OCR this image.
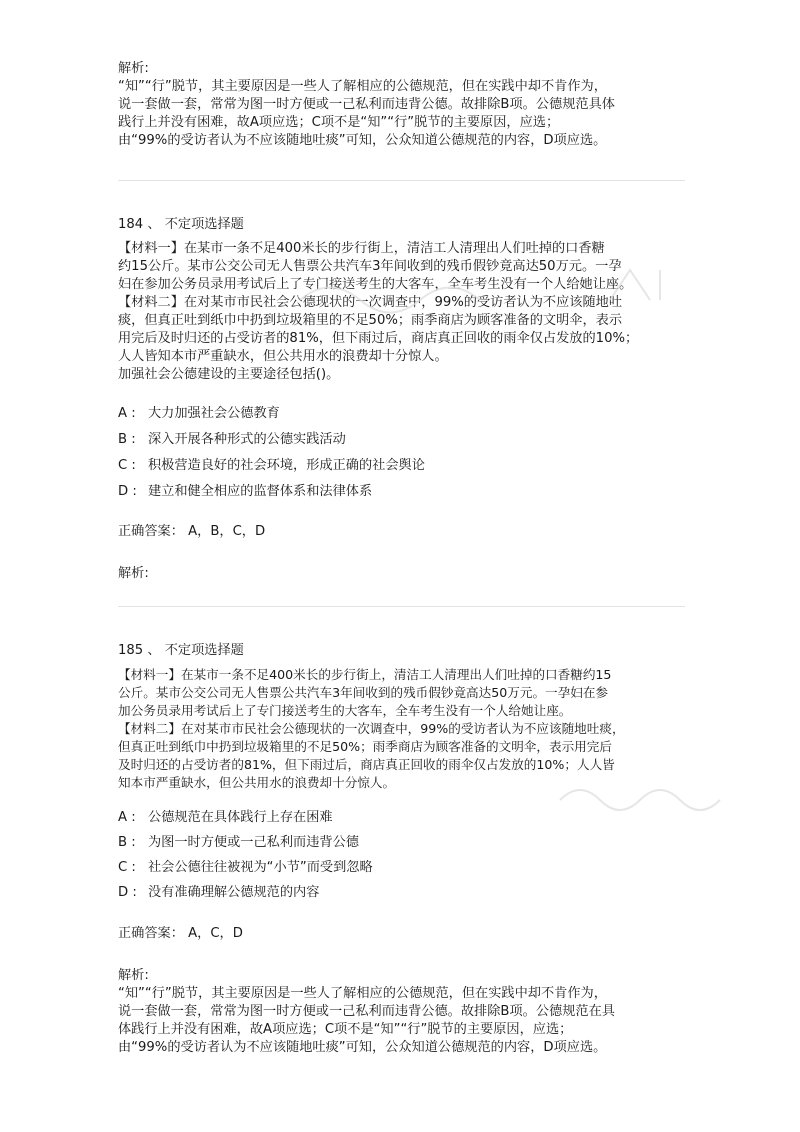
解析:
“知”“行”脱节，其主要原因是一些人了解相应的公德规范，但在实践中却不肯作为，
说一套做一套，常常为图一时方便或一己私利而违背公德。故排除B项。公德规范具体
践行上并没有困难，故A项应选；C项不是“知”“行”脱节的主要原因，应选；
由“99%的受访者认为不应该随地吐痰”可知，公众知道公德规范的内容，D项应选。
184 、 不定项选择题
【材料一】在某市一条不足400米长的步行街上，清洁工人清理出人们吐掉的口香糖
约15公斤。某市公交公司无人售票公共汽车3年间收到的残币假钞竟高达50万元。一孕
妇在参加公务员录用考试后上了专门接送考生的大客车，全车考生没有一个人给她让座。
【材料二】在对某市市民社会公德现状的一次调查中，99%的受访者认为不应该随地吐
痰，但真正吐到纸巾中扔到垃圾箱里的不足50%；雨季商店为顾客准备的文明伞，表示
用完后及时归还的占受访者的81%，但下雨过后，商店真正回收的雨伞仅占发放的10%；
人人皆知本市严重缺水，但公共用水的浪费却十分惊人。
加强社会公德建设的主要途径包括()。
A : 大力加强社会公德教育
B : 深入开展各种形式的公德实践活动
C : 积极营造良好的社会环境，形成正确的社会舆论
D : 建立和健全相应的监督体系和法律体系
正确答案： A，B，C，D
解析:
185 、 不定项选择题
【材料一】在某市一条不足400米长的步行街上，清洁工人清理出人们吐掉的口香糖约15
公斤。某市公交公司无人售票公共汽车3年间收到的残币假钞竟高达50万元。一孕妇在参
加公务员录用考试后上了专门接送考生的大客车，全车考生没有一个人给她让座。
【材料二】在对某市市民社会公德现状的一次调查中，99%的受访者认为不应该随地吐痰，
但真正吐到纸巾中扔到垃圾箱里的不足50%；雨季商店为顾客准备的文明伞，表示用完后
及时归还的占受访者的81%，但下雨过后，商店真正回收的雨伞仅占发放的10%；人人皆
知本市严重缺水，但公共用水的浪费却十分惊人。
A : 公德规范在具体践行上存在困难
B : 为图一时方便或一己私利而违背公德
C : 社会公德往往被视为“小节”而受到忽略
D : 没有准确理解公德规范的内容
正确答案： A，C，D
解析:
“知”“行”脱节，其主要原因是一些人了解相应的公德规范，但在实践中却不肯作为，
说一套做一套，常常为图一时方便或一己私利而违背公德。故排除B项。公德规范在具
体践行上并没有困难，故A项应选；C项不是“知”“行”脱节的主要原因，应选；
由“99%的受访者认为不应该随地吐痰”可知，公众知道公德规范的内容，D项应选。
